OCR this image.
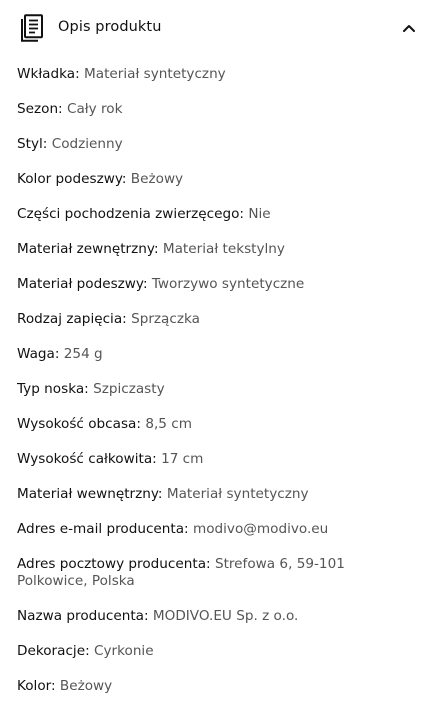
Opis produktu
Wkładka: Materiał syntetyczny
Sezon: Cały rok
Styl: Codzienny
Kolor podeszwy: Beżowy
Części pochodzenia zwierzęcego: Nie
Materiał zewnętrzny: Materiał tekstylny
Materiał podeszwy: Tworzywo syntetyczne
Rodzaj zapięcia: Sprzączka
Waga: 254 g
Typ noska: Szpiczasty
Wysokość obcasa: 8,5 cm
Wysokość całkowita: 17 cm
Materiał wewnętrzny: Materiał syntetyczny
Adres e-mail producenta: modivo@modivo.eu
Adres pocztowy producenta: Strefowa 6, 59-101 Polkowice, Polska
Nazwa producenta: MODIVO.EU Sp. z o.o.
Dekoracje: Cyrkonie
Kolor: Beżowy
